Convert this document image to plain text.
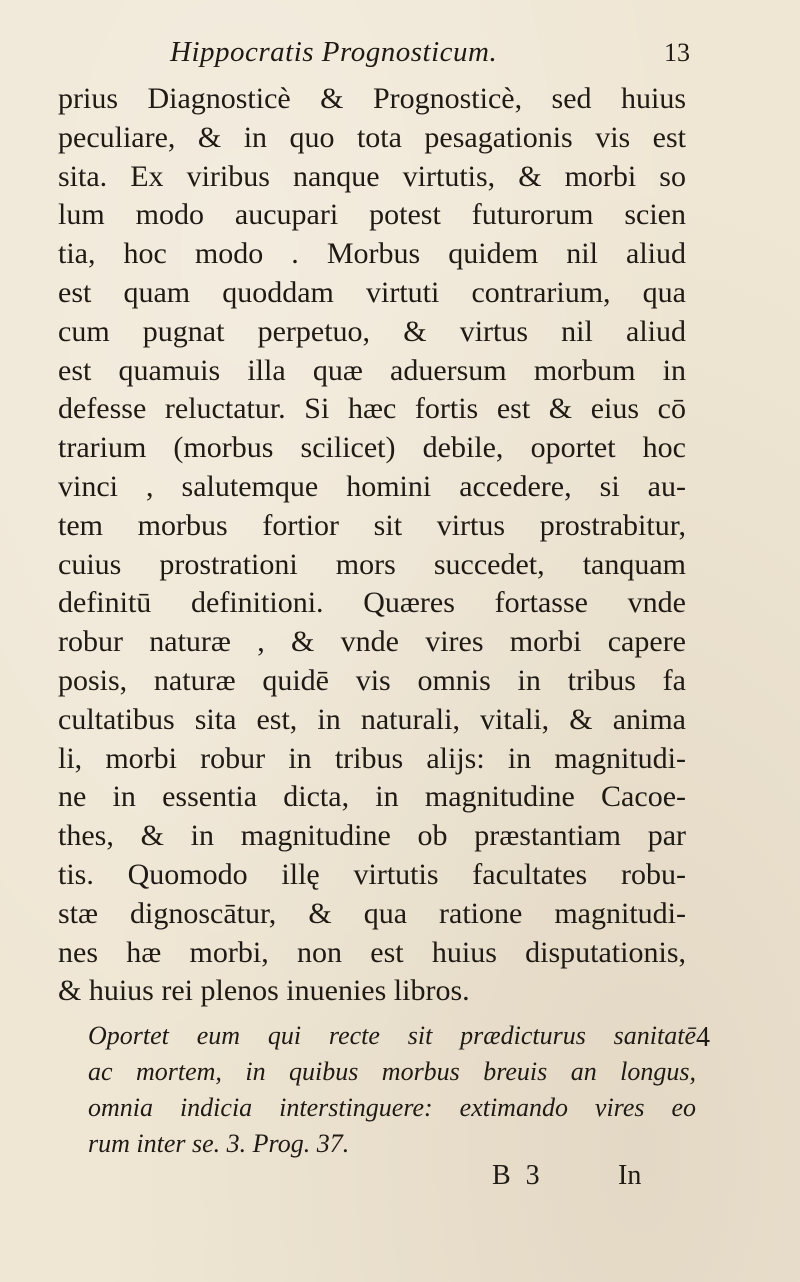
Hippocratis Prognosticum.	13
prius Diagnosticè & Prognosticè, sed huius
peculiare, & in quo tota pesagationis vis est
sita. Ex viribus nanque virtutis, & morbi so
lum modo aucupari potest futurorum scien
tia, hoc modo . Morbus quidem nil aliud
est quam quoddam virtuti contrarium, qua
cum pugnat perpetuo, & virtus nil aliud
est quamuis illa quæ aduersum morbum in
defesse reluctatur. Si hæc fortis est & eius cō
trarium (morbus scilicet) debile, oportet hoc
vinci , salutemque homini accedere, si au-
tem morbus fortior sit virtus prostrabitur,
cuius prostrationi mors succedet, tanquam
definitū definitioni. Quæres fortasse vnde
robur naturæ , & vnde vires morbi capere
posis, naturæ quidē vis omnis in tribus fa
cultatibus sita est, in naturali, vitali, & anima
li, morbi robur in tribus alijs: in magnitudi-
ne in essentia dicta, in magnitudine Cacoe-
thes, & in magnitudine ob præstantiam par
tis. Quomodo illę virtutis facultates robu-
stæ dignoscātur, & qua ratione magnitudi-
nes hæ morbi, non est huius disputationis,
& huius rei plenos inuenies libros.
Oportet eum qui recte sit prædicturus sanitatē
ac mortem, in quibus morbus breuis an longus,
omnia indicia interstinguere: extimando vires eo
rum inter se. 3. Prog. 37.
4
B 3	In
